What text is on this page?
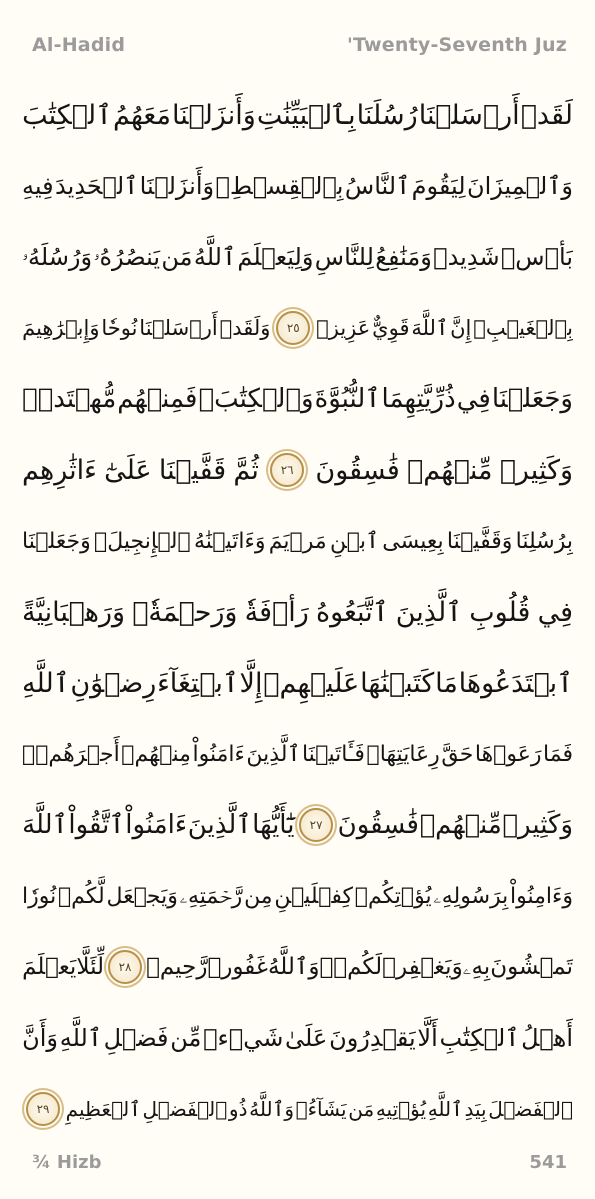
Al-Hadid	'Twenty-Seventh Juz
لَقَدۡ
أَرۡسَلۡنَا
رُسُلَنَا
بِٱلۡبَيِّنَٰتِ
وَأَنزَلۡنَا
مَعَهُمُ
ٱلۡكِتَٰبَ
وَٱلۡمِيزَانَ
لِيَقُومَ
ٱلنَّاسُ
بِٱلۡقِسۡطِۖ
وَأَنزَلۡنَا
ٱلۡحَدِيدَ
فِيهِ
بَأۡسٞ
شَدِيدٞ
وَمَنَٰفِعُ
لِلنَّاسِ
وَلِيَعۡلَمَ
ٱللَّهُ
مَن
يَنصُرُهُۥ
وَرُسُلَهُۥ
بِٱلۡغَيۡبِۚ
إِنَّ
ٱللَّهَ
قَوِيٌّ
عَزِيزٞ
٢٥
وَلَقَدۡ
أَرۡسَلۡنَا
نُوحٗا
وَإِبۡرَٰهِيمَ
وَجَعَلۡنَا
فِي
ذُرِّيَّتِهِمَا
ٱلنُّبُوَّةَ
وَٱلۡكِتَٰبَۖ
فَمِنۡهُم
مُّهۡتَدٖۖ
وَكَثِيرٞ
مِّنۡهُمۡ
فَٰسِقُونَ
٢٦
ثُمَّ
قَفَّيۡنَا
عَلَىٰٓ
ءَاثَٰرِهِم
بِرُسُلِنَا
وَقَفَّيۡنَا
بِعِيسَى
ٱبۡنِ
مَرۡيَمَ
وَءَاتَيۡنَٰهُ
ٱلۡإِنجِيلَۖ
وَجَعَلۡنَا
فِي
قُلُوبِ
ٱلَّذِينَ
ٱتَّبَعُوهُ
رَأۡفَةٗ
وَرَحۡمَةٗۚ
وَرَهۡبَانِيَّةً
ٱبۡتَدَعُوهَا
مَا
كَتَبۡنَٰهَا
عَلَيۡهِمۡ
إِلَّا
ٱبۡتِغَآءَ
رِضۡوَٰنِ
ٱللَّهِ
فَمَا
رَعَوۡهَا
حَقَّ
رِعَايَتِهَاۖ
فَـَٔاتَيۡنَا
ٱلَّذِينَ
ءَامَنُواْ
مِنۡهُمۡ
أَجۡرَهُمۡۖ
وَكَثِيرٞ
مِّنۡهُمۡ
فَٰسِقُونَ
٢٧
يَٰٓأَيُّهَا
ٱلَّذِينَ
ءَامَنُواْ
ٱتَّقُواْ
ٱللَّهَ
وَءَامِنُواْ
بِرَسُولِهِۦ
يُؤۡتِكُمۡ
كِفۡلَيۡنِ
مِن
رَّحۡمَتِهِۦ
وَيَجۡعَل
لَّكُمۡ
نُورٗا
تَمۡشُونَ
بِهِۦ
وَيَغۡفِرۡ
لَكُمۡۚ
وَٱللَّهُ
غَفُورٞ
رَّحِيمٞ
٢٨
لِّئَلَّا
يَعۡلَمَ
أَهۡلُ
ٱلۡكِتَٰبِ
أَلَّا
يَقۡدِرُونَ
عَلَىٰ
شَيۡءٖ
مِّن
فَضۡلِ
ٱللَّهِ
وَأَنَّ
ٱلۡفَضۡلَ
بِيَدِ
ٱللَّهِ
يُؤۡتِيهِ
مَن
يَشَآءُۚ
وَٱللَّهُ
ذُو
ٱلۡفَضۡلِ
ٱلۡعَظِيمِ
٢٩
¾ Hizb	541
